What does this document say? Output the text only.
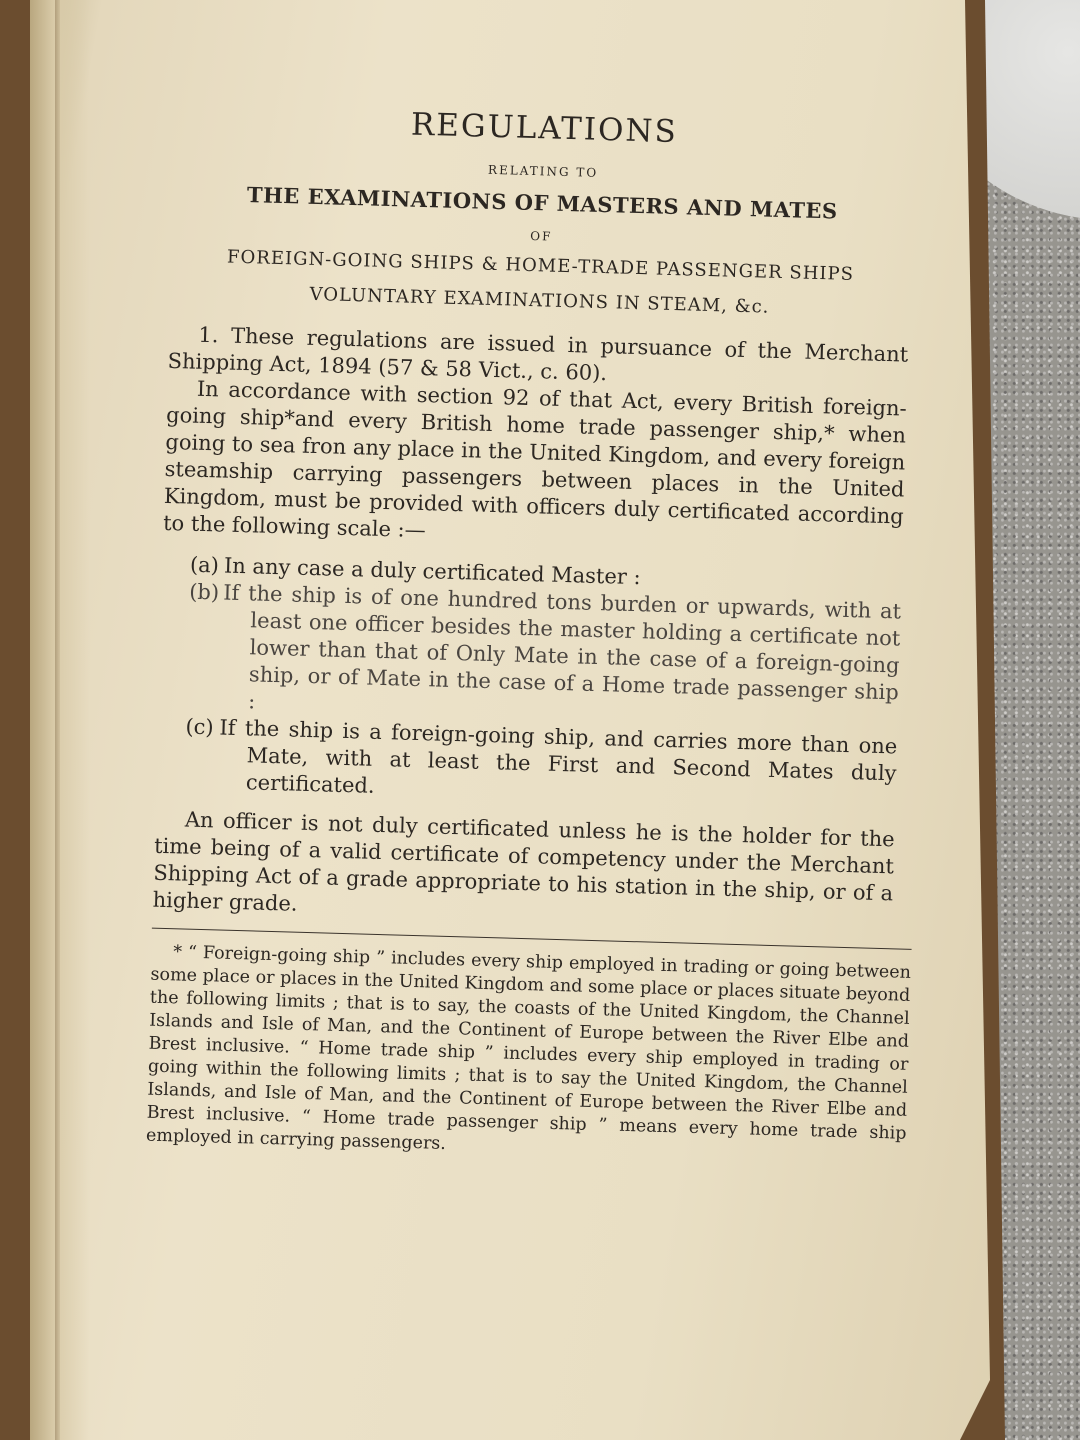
REGULATIONS
RELATING TO
THE EXAMINATIONS OF MASTERS AND MATES
OF
FOREIGN-GOING SHIPS & HOME-TRADE PASSENGER SHIPS
VOLUNTARY EXAMINATIONS IN STEAM, &c.

1. These regulations are issued in pursuance of the Merchant Shipping Act, 1894 (57 & 58 Vict., c. 60).

In accordance with section 92 of that Act, every British foreign-going ship*and every British home trade passenger ship,* when going to sea fron any place in the United Kingdom, and every foreign steamship carrying passengers between places in the United Kingdom, must be provided with officers duly certificated according to the following scale :—

(a) In any case a duly certificated Master :
(b) If the ship is of one hundred tons burden or upwards, with at least one officer besides the master holding a certificate not lower than that of Only Mate in the case of a foreign-going ship, or of Mate in the case of a Home trade passenger ship :
(c) If the ship is a foreign-going ship, and carries more than one Mate, with at least the First and Second Mates duly certificated.

An officer is not duly certificated unless he is the holder for the time being of a valid certificate of competency under the Merchant Shipping Act of a grade appropriate to his station in the ship, or of a higher grade.

* “ Foreign-going ship ” includes every ship employed in trading or going between some place or places in the United Kingdom and some place or places situate beyond the following limits ; that is to say, the coasts of the United Kingdom, the Channel Islands and Isle of Man, and the Continent of Europe between the River Elbe and Brest inclusive. “ Home trade ship ” includes every ship employed in trading or going within the following limits ; that is to say the United Kingdom, the Channel Islands, and Isle of Man, and the Continent of Europe between the River Elbe and Brest inclusive. “ Home trade passenger ship ” means every home trade ship employed in carrying passengers.
